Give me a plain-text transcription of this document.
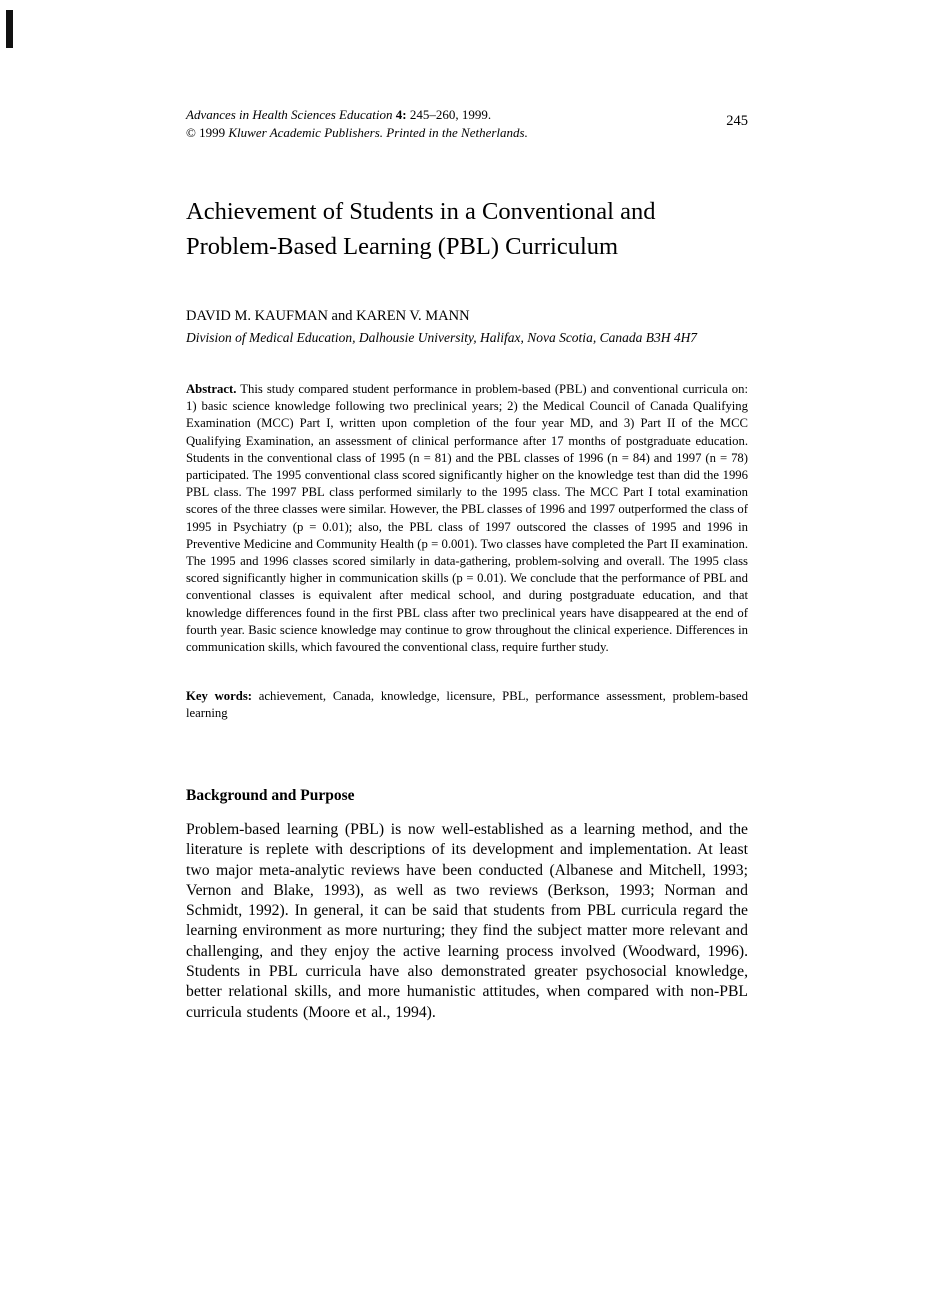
Advances in Health Sciences Education 4: 245–260, 1999.
© 1999 Kluwer Academic Publishers. Printed in the Netherlands.
245
Achievement of Students in a Conventional and Problem-Based Learning (PBL) Curriculum
DAVID M. KAUFMAN and KAREN V. MANN
Division of Medical Education, Dalhousie University, Halifax, Nova Scotia, Canada B3H 4H7

Abstract. This study compared student performance in problem-based (PBL) and conventional curricula on: 1) basic science knowledge following two preclinical years; 2) the Medical Council of Canada Qualifying Examination (MCC) Part I, written upon completion of the four year MD, and 3) Part II of the MCC Qualifying Examination, an assessment of clinical performance after 17 months of postgraduate education. Students in the conventional class of 1995 (n = 81) and the PBL classes of 1996 (n = 84) and 1997 (n = 78) participated. The 1995 conventional class scored significantly higher on the knowledge test than did the 1996 PBL class. The 1997 PBL class performed similarly to the 1995 class. The MCC Part I total examination scores of the three classes were similar. However, the PBL classes of 1996 and 1997 outperformed the class of 1995 in Psychiatry (p = 0.01); also, the PBL class of 1997 outscored the classes of 1995 and 1996 in Preventive Medicine and Community Health (p = 0.001). Two classes have completed the Part II examination. The 1995 and 1996 classes scored similarly in data-gathering, problem-solving and overall. The 1995 class scored significantly higher in communication skills (p = 0.01). We conclude that the performance of PBL and conventional classes is equivalent after medical school, and during postgraduate education, and that knowledge differences found in the first PBL class after two preclinical years have disappeared at the end of fourth year. Basic science knowledge may continue to grow throughout the clinical experience. Differences in communication skills, which favoured the conventional class, require further study.

Key words: achievement, Canada, knowledge, licensure, PBL, performance assessment, problem-based learning

Background and Purpose

Problem-based learning (PBL) is now well-established as a learning method, and the literature is replete with descriptions of its development and implementation. At least two major meta-analytic reviews have been conducted (Albanese and Mitchell, 1993; Vernon and Blake, 1993), as well as two reviews (Berkson, 1993; Norman and Schmidt, 1992). In general, it can be said that students from PBL curricula regard the learning environment as more nurturing; they find the subject matter more relevant and challenging, and they enjoy the active learning process involved (Woodward, 1996). Students in PBL curricula have also demonstrated greater psychosocial knowledge, better relational skills, and more humanistic attitudes, when compared with non-PBL curricula students (Moore et al., 1994).
